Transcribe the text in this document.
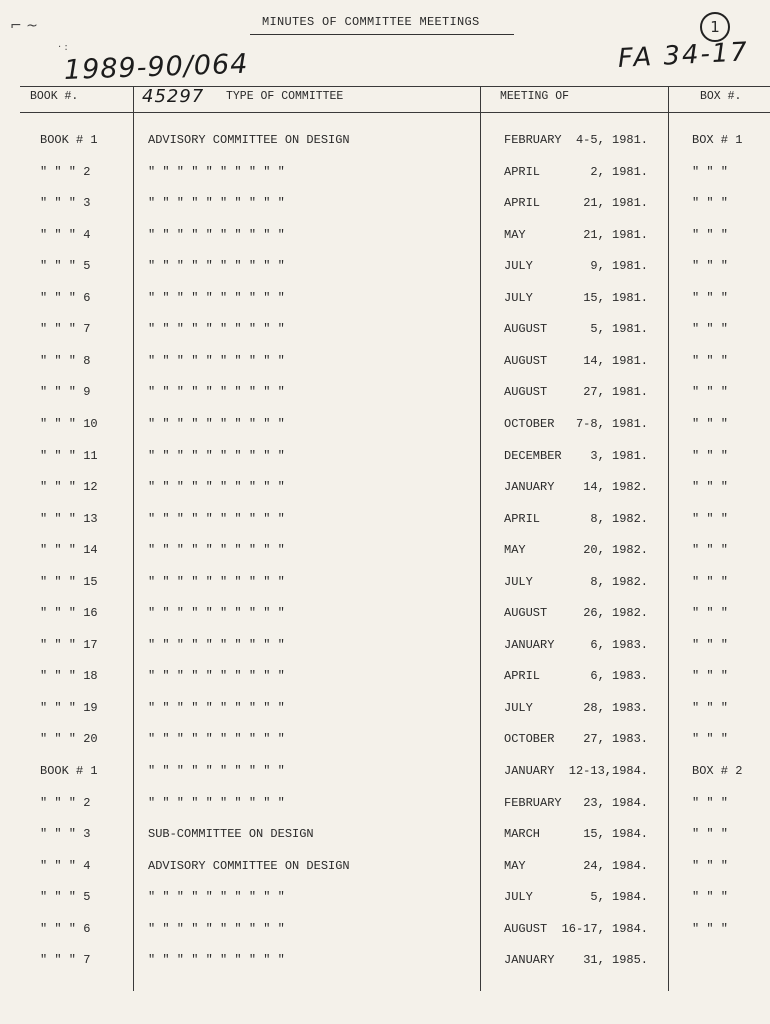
⌐ ~
· :
MINUTES OF COMMITTEE MEETINGS	1
1989-90/064	FA 34-17
45297
BOOK #.	TYPE OF COMMITTEE	MEETING OF	BOX #.
BOOK # 1	ADVISORY COMMITTEE ON DESIGN	FEBRUARY	4-5, 1981.	BOX # 1
" " " 2	" " " " " " " " " "	APRIL	2, 1981.	" " "
" " " 3	" " " " " " " " " "	APRIL	21, 1981.	" " "
" " " 4	" " " " " " " " " "	MAY	21, 1981.	" " "
" " " 5	" " " " " " " " " "	JULY	9, 1981.	" " "
" " " 6	" " " " " " " " " "	JULY	15, 1981.	" " "
" " " 7	" " " " " " " " " "	AUGUST	5, 1981.	" " "
" " " 8	" " " " " " " " " "	AUGUST	14, 1981.	" " "
" " " 9	" " " " " " " " " "	AUGUST	27, 1981.	" " "
" " " 10	" " " " " " " " " "	OCTOBER	7-8, 1981.	" " "
" " " 11	" " " " " " " " " "	DECEMBER	3, 1981.	" " "
" " " 12	" " " " " " " " " "	JANUARY	14, 1982.	" " "
" " " 13	" " " " " " " " " "	APRIL	8, 1982.	" " "
" " " 14	" " " " " " " " " "	MAY	20, 1982.	" " "
" " " 15	" " " " " " " " " "	JULY	8, 1982.	" " "
" " " 16	" " " " " " " " " "	AUGUST	26, 1982.	" " "
" " " 17	" " " " " " " " " "	JANUARY	6, 1983.	" " "
" " " 18	" " " " " " " " " "	APRIL	6, 1983.	" " "
" " " 19	" " " " " " " " " "	JULY	28, 1983.	" " "
" " " 20	" " " " " " " " " "	OCTOBER	27, 1983.	" " "
BOOK # 1	" " " " " " " " " "	JANUARY	12-13,1984.	BOX # 2
" " " 2	" " " " " " " " " "	FEBRUARY	23, 1984.	" " "
" " " 3	SUB-COMMITTEE ON DESIGN	MARCH	15, 1984.	" " "
" " " 4	ADVISORY COMMITTEE ON DESIGN	MAY	24, 1984.	" " "
" " " 5	" " " " " " " " " "	JULY	5, 1984.	" " "
" " " 6	" " " " " " " " " "	AUGUST 16-17, 1984.	" " "
" " " 7	" " " " " " " " " "	JANUARY	31, 1985.
